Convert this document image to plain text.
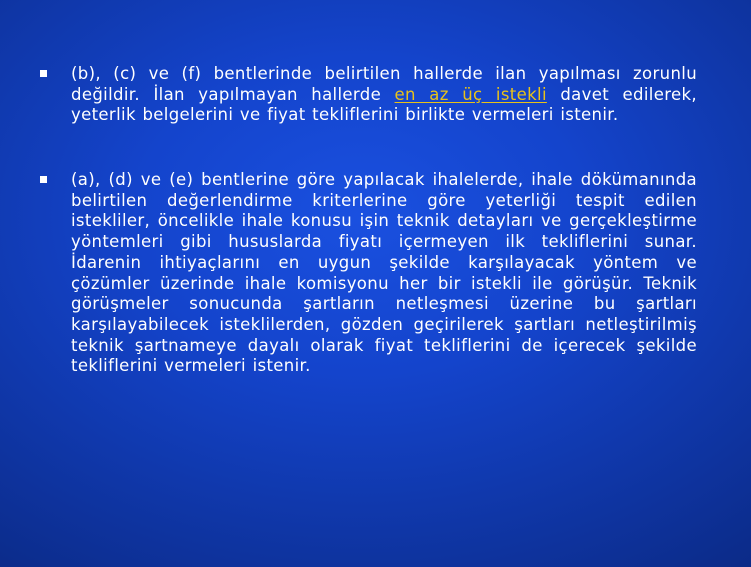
(b), (c) ve (f) bentlerinde belirtilen hallerde ilan yapılması zorunlu değildir. İlan yapılmayan hallerde en az üç istekli davet edilerek, yeterlik belgelerini ve fiyat tekliflerini birlikte vermeleri istenir.
(a), (d) ve (e) bentlerine göre yapılacak ihalelerde, ihale dökümanında belirtilen değerlendirme kriterlerine göre yeterliği tespit edilen istekliler, öncelikle ihale konusu işin teknik detayları ve gerçekleştirme yöntemleri gibi hususlarda fiyatı içermeyen ilk tekliflerini sunar. İdarenin ihtiyaçlarını en uygun şekilde karşılayacak yöntem ve çözümler üzerinde ihale komisyonu her bir istekli ile görüşür. Teknik görüşmeler sonucunda şartların netleşmesi üzerine bu şartları karşılayabilecek isteklilerden, gözden geçirilerek şartları netleştirilmiş teknik şartnameye dayalı olarak fiyat tekliflerini de içerecek şekilde tekliflerini vermeleri istenir.
